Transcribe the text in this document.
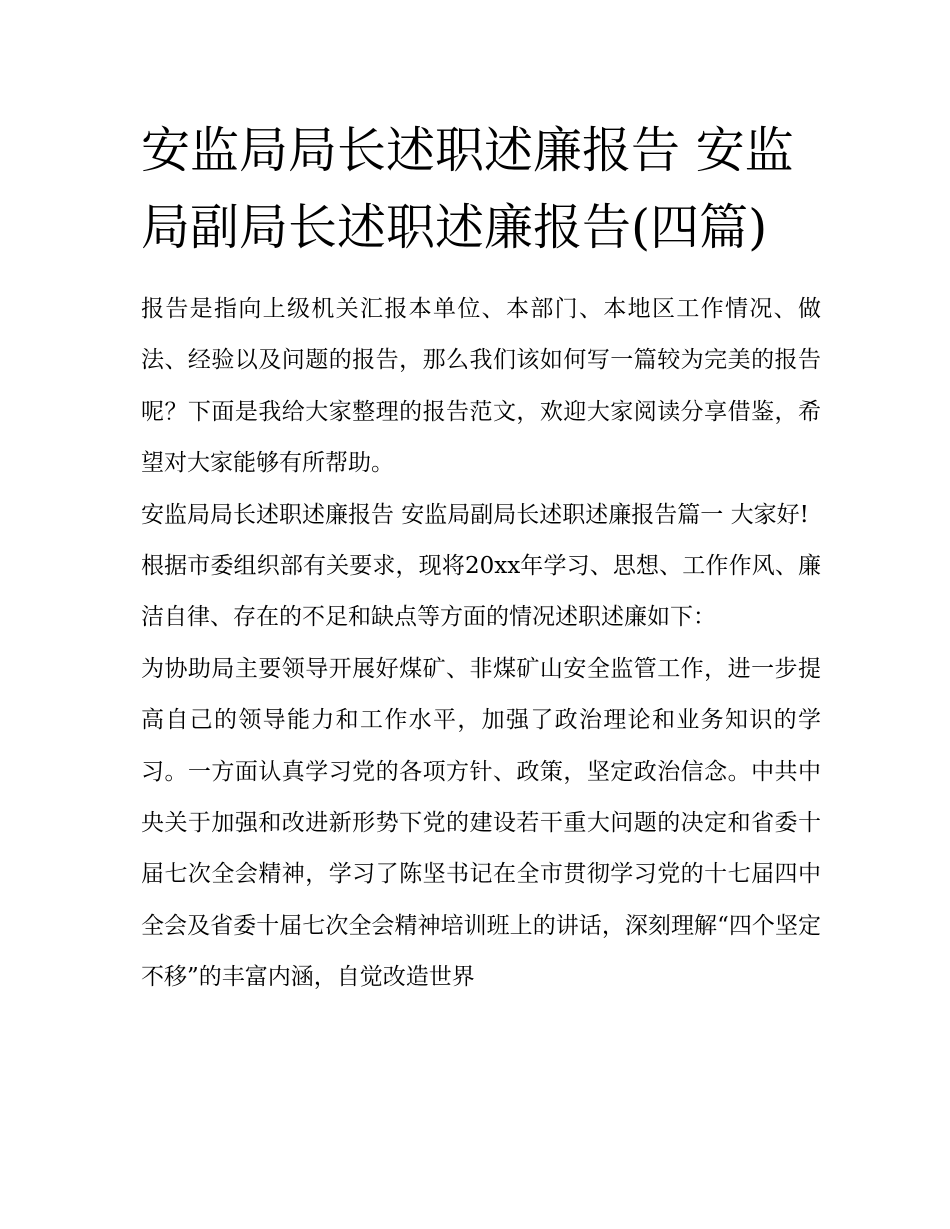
安监局局长述职述廉报告 安监局副局长述职述廉报告(四篇)

报告是指向上级机关汇报本单位、本部门、本地区工作情况、做法、经验以及问题的报告，那么我们该如何写一篇较为完美的报告呢？下面是我给大家整理的报告范文，欢迎大家阅读分享借鉴，希望对大家能够有所帮助。

安监局局长述职述廉报告 安监局副局长述职述廉报告篇一 大家好!

根据市委组织部有关要求，现将20xx年学习、思想、工作作风、廉洁自律、存在的不足和缺点等方面的情况述职述廉如下：

为协助局主要领导开展好煤矿、非煤矿山安全监管工作，进一步提高自己的领导能力和工作水平，加强了政治理论和业务知识的学习。一方面认真学习党的各项方针、政策，坚定政治信念。中共中央关于加强和改进新形势下党的建设若干重大问题的决定和省委十届七次全会精神，学习了陈坚书记在全市贯彻学习党的十七届四中全会及省委十届七次全会精神培训班上的讲话，深刻理解“四个坚定不移”的丰富内涵，自觉改造世界
